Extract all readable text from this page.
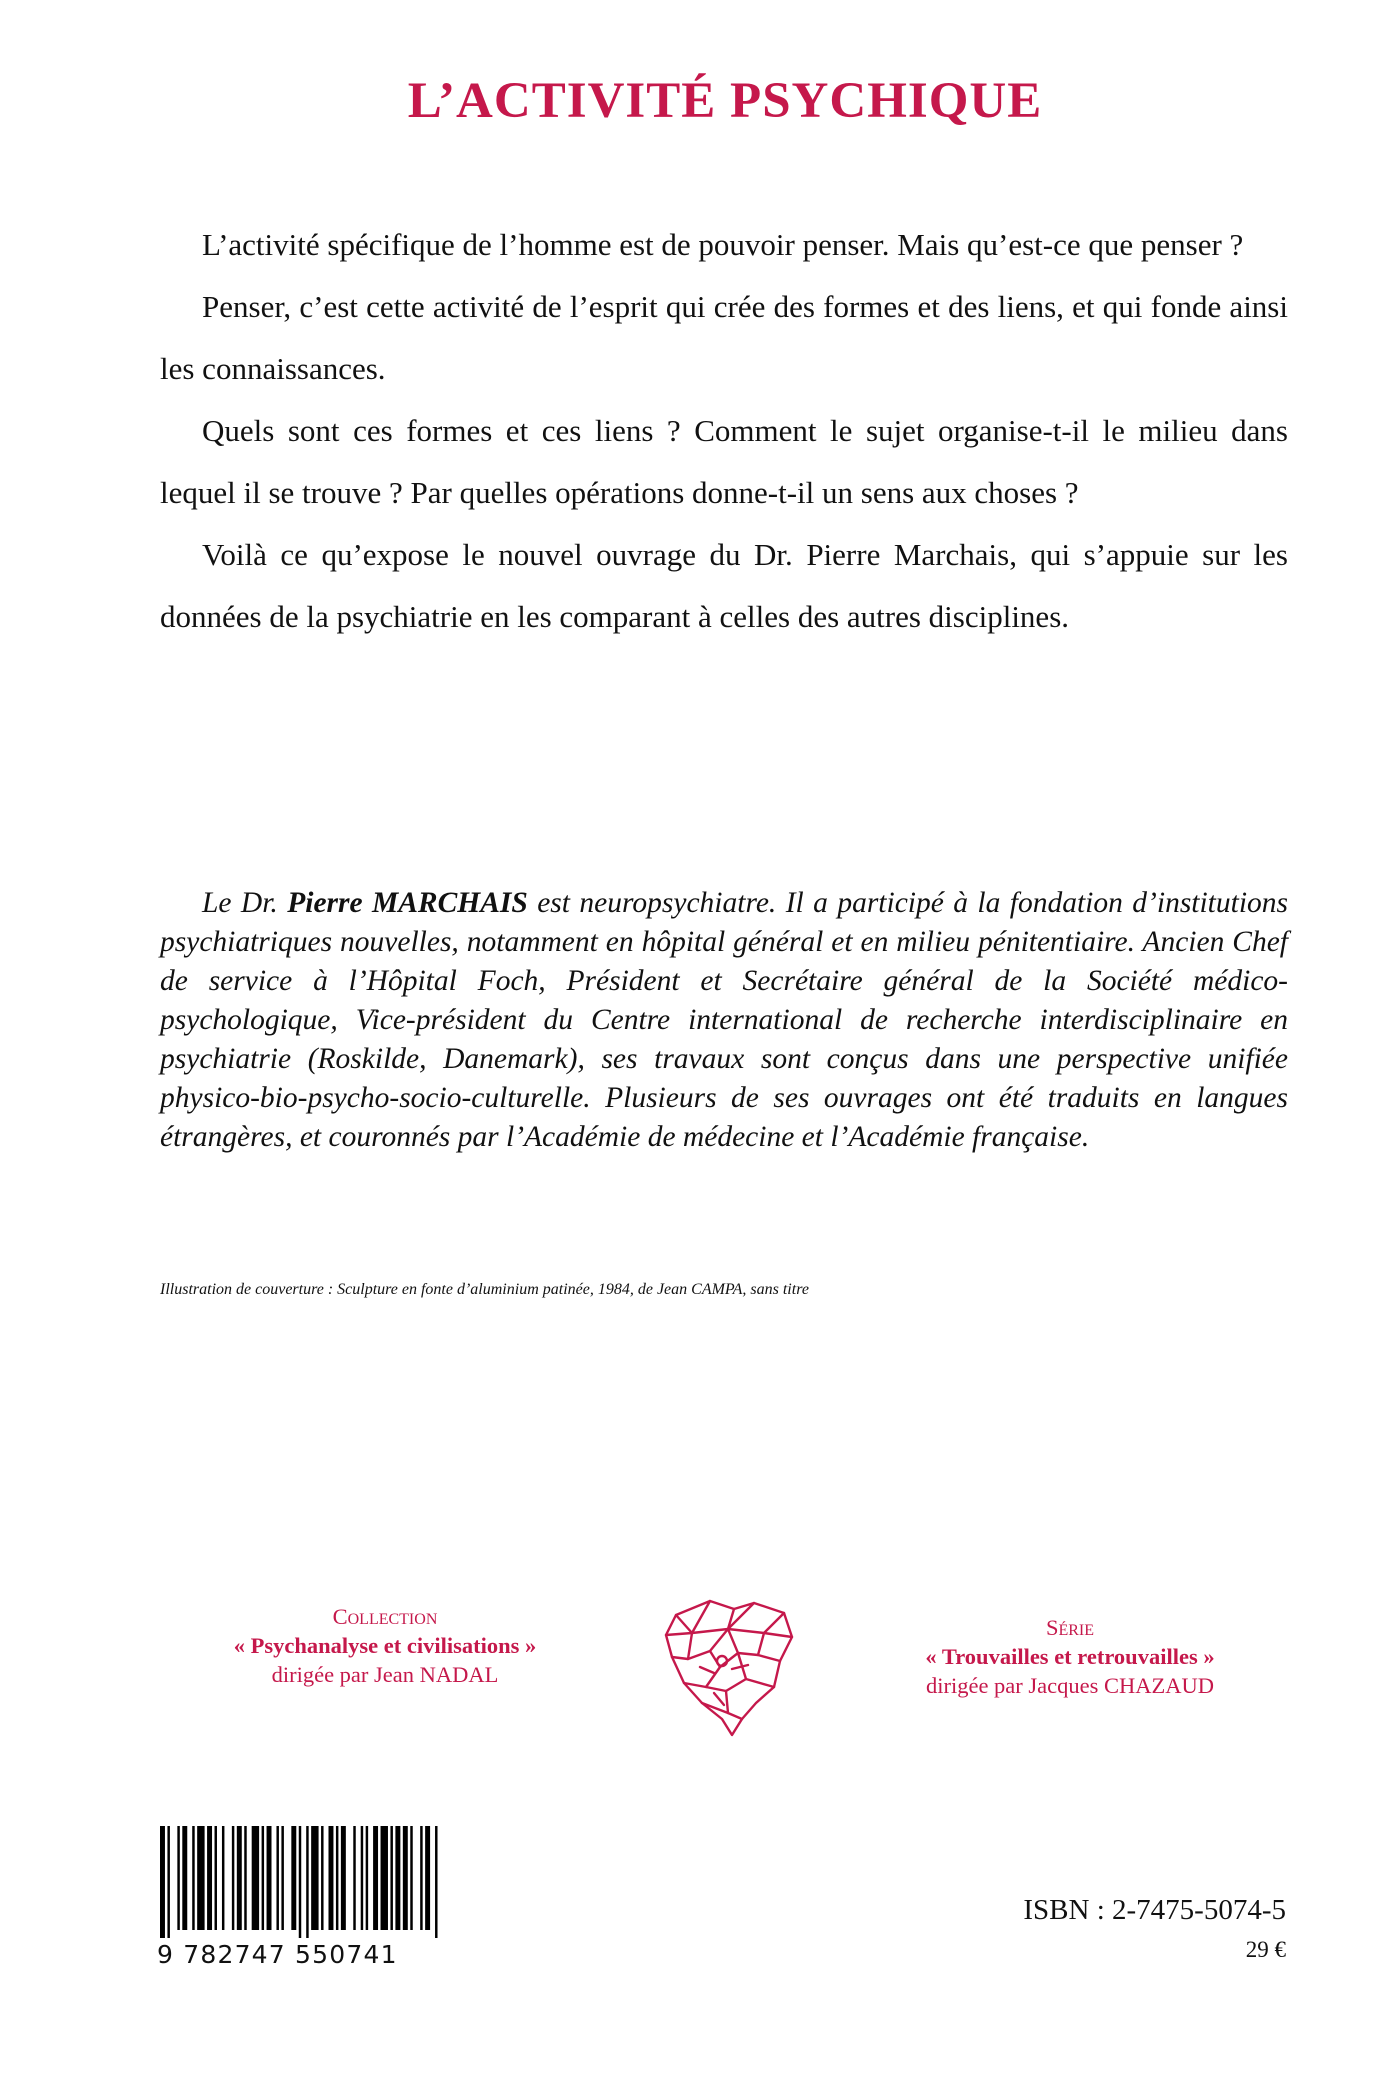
L’ACTIVITÉ PSYCHIQUE

L’activité spécifique de l’homme est de pouvoir penser. Mais qu’est-ce que penser ?

Penser, c’est cette activité de l’esprit qui crée des formes et des liens, et qui fonde ainsi les connaissances.

Quels sont ces formes et ces liens ? Comment le sujet organise-t-il le milieu dans lequel il se trouve ? Par quelles opérations donne-t-il un sens aux choses ?

Voilà ce qu’expose le nouvel ouvrage du Dr. Pierre Marchais, qui s’appuie sur les données de la psychiatrie en les comparant à celles des autres disciplines.

Le Dr. Pierre MARCHAIS est neuropsychiatre. Il a participé à la fondation d’institutions psychiatriques nouvelles, notamment en hôpital général et en milieu pénitentiaire. Ancien Chef de service à l’Hôpital Foch, Président et Secrétaire général de la Société médico-psychologique, Vice-président du Centre international de recherche interdisciplinaire en psychiatrie (Roskilde, Danemark), ses travaux sont conçus dans une perspective unifiée physico-bio-psycho-socio-culturelle. Plusieurs de ses ouvrages ont été traduits en langues étrangères, et couronnés par l’Académie de médecine et l’Académie française.

Illustration de couverture : Sculpture en fonte d’aluminium patinée, 1984, de Jean CAMPA, sans titre

Collection
« Psychanalyse et civilisations »
dirigée par Jean NADAL
Série
« Trouvailles et retrouvailles »
dirigée par Jacques CHAZAUD
9 782747 550741
ISBN : 2-7475-5074-5
29 €
